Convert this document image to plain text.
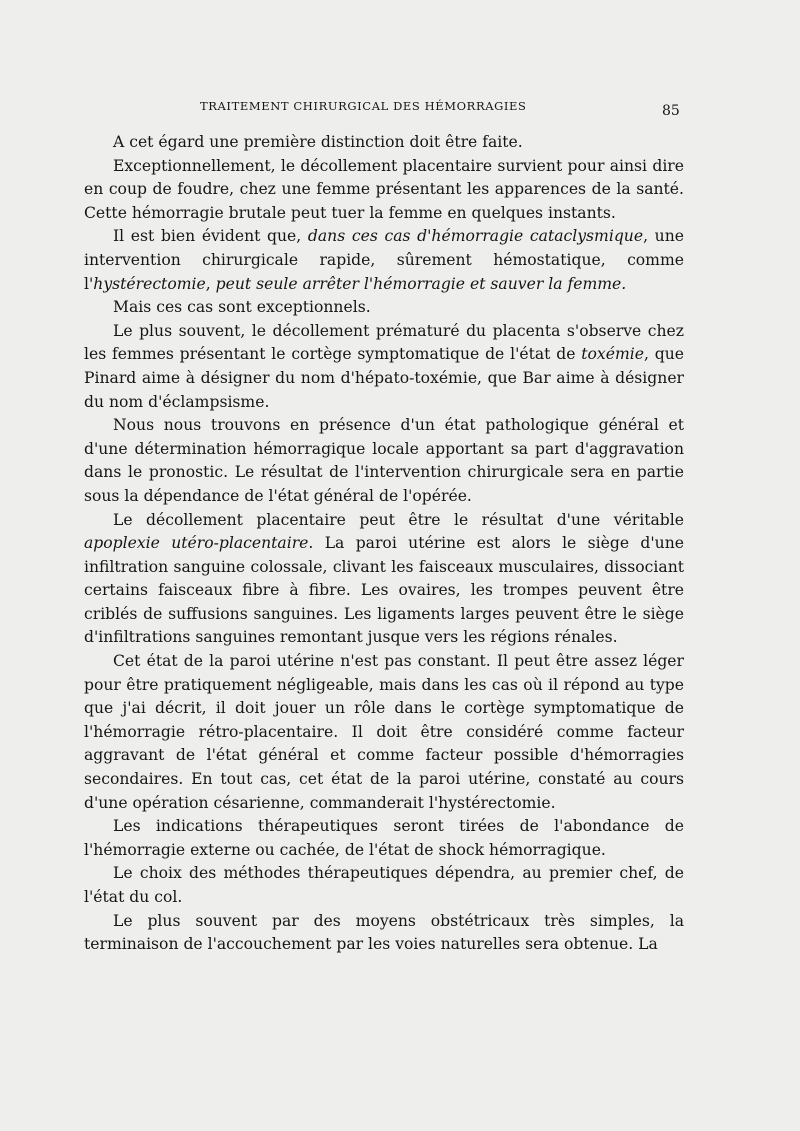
TRAITEMENT CHIRURGICAL DES HÉMORRAGIES	85

A cet égard une première distinction doit être faite.

Exceptionnellement, le décollement placentaire survient pour ainsi dire en coup de foudre, chez une femme présentant les apparences de la santé. Cette hémorragie brutale peut tuer la femme en quelques instants.

Il est bien évident que, dans ces cas d'hémorragie cataclysmique, une intervention chirurgicale rapide, sûrement hémostatique, comme l'hystérectomie, peut seule arrêter l'hémorragie et sauver la femme.

Mais ces cas sont exceptionnels.

Le plus souvent, le décollement prématuré du placenta s'observe chez les femmes présentant le cortège symptomatique de l'état de toxémie, que Pinard aime à désigner du nom d'hépato-toxémie, que Bar aime à désigner du nom d'éclampsisme.

Nous nous trouvons en présence d'un état pathologique général et d'une détermination hémorragique locale apportant sa part d'aggravation dans le pronostic. Le résultat de l'intervention chirurgicale sera en partie sous la dépendance de l'état général de l'opérée.

Le décollement placentaire peut être le résultat d'une véritable apoplexie utéro-placentaire. La paroi utérine est alors le siège d'une infiltration sanguine colossale, clivant les faisceaux musculaires, dissociant certains faisceaux fibre à fibre. Les ovaires, les trompes peuvent être criblés de suffusions sanguines. Les ligaments larges peuvent être le siège d'infiltrations sanguines remontant jusque vers les régions rénales.

Cet état de la paroi utérine n'est pas constant. Il peut être assez léger pour être pratiquement négligeable, mais dans les cas où il répond au type que j'ai décrit, il doit jouer un rôle dans le cortège symptomatique de l'hémorragie rétro-placentaire. Il doit être considéré comme facteur aggravant de l'état général et comme facteur possible d'hémorragies secondaires. En tout cas, cet état de la paroi utérine, constaté au cours d'une opération césarienne, commanderait l'hystérectomie.

Les indications thérapeutiques seront tirées de l'abondance de l'hémorragie externe ou cachée, de l'état de shock hémorragique.

Le choix des méthodes thérapeutiques dépendra, au premier chef, de l'état du col.

Le plus souvent par des moyens obstétricaux très simples, la terminaison de l'accouchement par les voies naturelles sera obtenue. La
